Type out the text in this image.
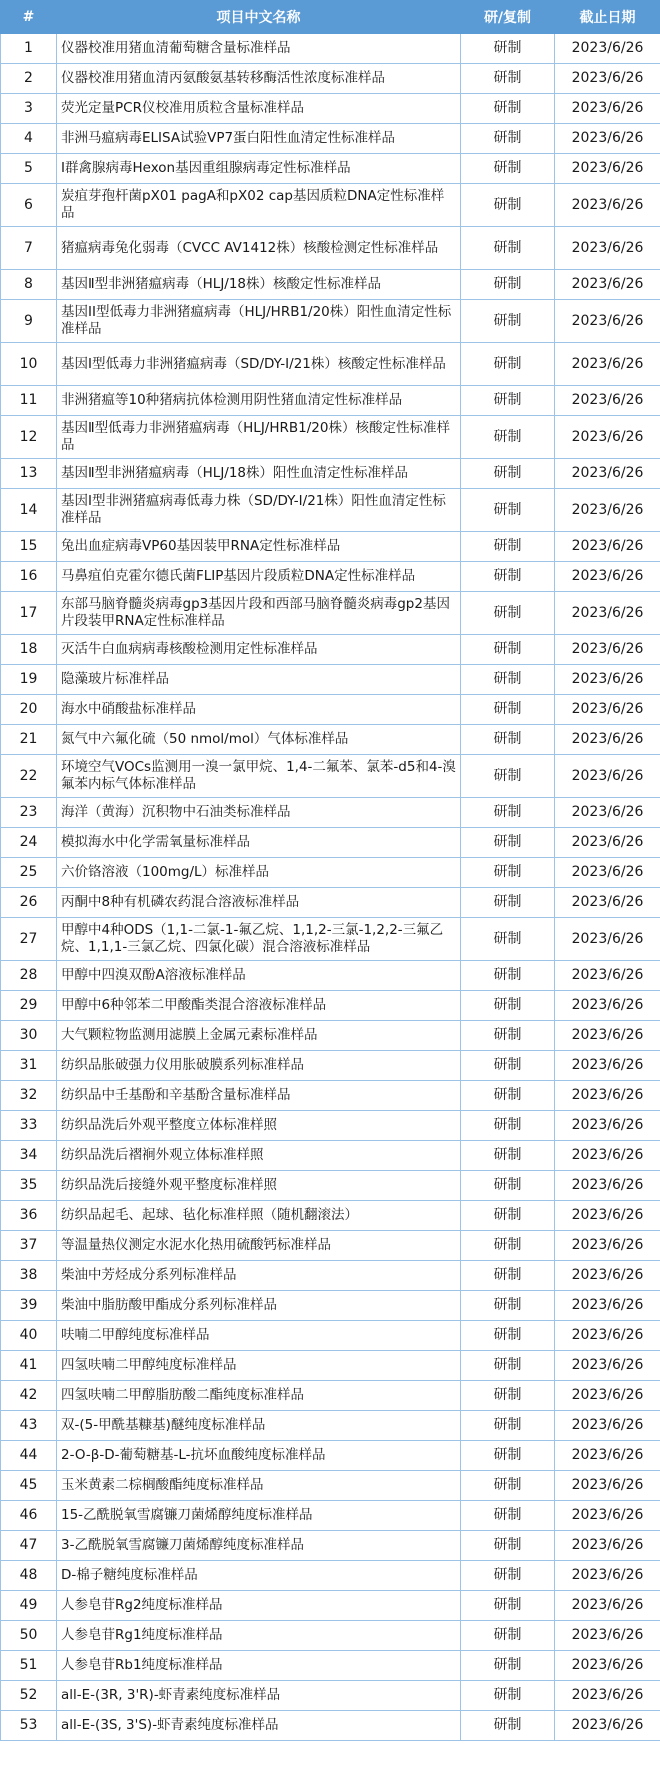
#	项目中文名称	研/复制	截止日期
1	仪器校准用猪血清葡萄糖含量标准样品	研制	2023/6/26
2	仪器校准用猪血清丙氨酸氨基转移酶活性浓度标准样品	研制	2023/6/26
3	荧光定量PCR仪校准用质粒含量标准样品	研制	2023/6/26
4	非洲马瘟病毒ELISA试验VP7蛋白阳性血清定性标准样品	研制	2023/6/26
5	Ⅰ群禽腺病毒Hexon基因重组腺病毒定性标准样品	研制	2023/6/26
6	炭疽芽孢杆菌pX01 pagA和pX02 cap基因质粒DNA定性标准样品	研制	2023/6/26
7	猪瘟病毒兔化弱毒（CVCC AV1412株）核酸检测定性标准样品	研制	2023/6/26
8	基因Ⅱ型非洲猪瘟病毒（HLJ/18株）核酸定性标准样品	研制	2023/6/26
9	基因II型低毒力非洲猪瘟病毒（HLJ/HRB1/20株）阳性血清定性标准样品	研制	2023/6/26
10	基因I型低毒力非洲猪瘟病毒（SD/DY-I/21株）核酸定性标准样品	研制	2023/6/26
11	非洲猪瘟等10种猪病抗体检测用阴性猪血清定性标准样品	研制	2023/6/26
12	基因Ⅱ型低毒力非洲猪瘟病毒（HLJ/HRB1/20株）核酸定性标准样品	研制	2023/6/26
13	基因Ⅱ型非洲猪瘟病毒（HLJ/18株）阳性血清定性标准样品	研制	2023/6/26
14	基因I型非洲猪瘟病毒低毒力株（SD/DY-I/21株）阳性血清定性标准样品	研制	2023/6/26
15	兔出血症病毒VP60基因装甲RNA定性标准样品	研制	2023/6/26
16	马鼻疽伯克霍尔德氏菌FLIP基因片段质粒DNA定性标准样品	研制	2023/6/26
17	东部马脑脊髓炎病毒gp3基因片段和西部马脑脊髓炎病毒gp2基因片段装甲RNA定性标准样品	研制	2023/6/26
18	灭活牛白血病病毒核酸检测用定性标准样品	研制	2023/6/26
19	隐藻玻片标准样品	研制	2023/6/26
20	海水中硝酸盐标准样品	研制	2023/6/26
21	氮气中六氟化硫（50 nmol/mol）气体标准样品	研制	2023/6/26
22	环境空气VOCs监测用一溴一氯甲烷、1,4-二氟苯、氯苯-d5和4-溴氟苯内标气体标准样品	研制	2023/6/26
23	海洋（黄海）沉积物中石油类标准样品	研制	2023/6/26
24	模拟海水中化学需氧量标准样品	研制	2023/6/26
25	六价铬溶液（100mg/L）标准样品	研制	2023/6/26
26	丙酮中8种有机磷农药混合溶液标准样品	研制	2023/6/26
27	甲醇中4种ODS（1,1-二氯-1-氟乙烷、1,1,2-三氯-1,2,2-三氟乙烷、1,1,1-三氯乙烷、四氯化碳）混合溶液标准样品	研制	2023/6/26
28	甲醇中四溴双酚A溶液标准样品	研制	2023/6/26
29	甲醇中6种邻苯二甲酸酯类混合溶液标准样品	研制	2023/6/26
30	大气颗粒物监测用滤膜上金属元素标准样品	研制	2023/6/26
31	纺织品胀破强力仪用胀破膜系列标准样品	研制	2023/6/26
32	纺织品中壬基酚和辛基酚含量标准样品	研制	2023/6/26
33	纺织品洗后外观平整度立体标准样照	研制	2023/6/26
34	纺织品洗后褶裥外观立体标准样照	研制	2023/6/26
35	纺织品洗后接缝外观平整度标准样照	研制	2023/6/26
36	纺织品起毛、起球、毡化标准样照（随机翻滚法）	研制	2023/6/26
37	等温量热仪测定水泥水化热用硫酸钙标准样品	研制	2023/6/26
38	柴油中芳烃成分系列标准样品	研制	2023/6/26
39	柴油中脂肪酸甲酯成分系列标准样品	研制	2023/6/26
40	呋喃二甲醇纯度标准样品	研制	2023/6/26
41	四氢呋喃二甲醇纯度标准样品	研制	2023/6/26
42	四氢呋喃二甲醇脂肪酸二酯纯度标准样品	研制	2023/6/26
43	双-(5-甲酰基糠基)醚纯度标准样品	研制	2023/6/26
44	2-O-β-D-葡萄糖基-L-抗坏血酸纯度标准样品	研制	2023/6/26
45	玉米黄素二棕榈酸酯纯度标准样品	研制	2023/6/26
46	15-乙酰脱氧雪腐镰刀菌烯醇纯度标准样品	研制	2023/6/26
47	3-乙酰脱氧雪腐镰刀菌烯醇纯度标准样品	研制	2023/6/26
48	D-棉子糖纯度标准样品	研制	2023/6/26
49	人参皂苷Rg2纯度标准样品	研制	2023/6/26
50	人参皂苷Rg1纯度标准样品	研制	2023/6/26
51	人参皂苷Rb1纯度标准样品	研制	2023/6/26
52	all-E-(3R, 3'R)-虾青素纯度标准样品	研制	2023/6/26
53	all-E-(3S, 3'S)-虾青素纯度标准样品	研制	2023/6/26
